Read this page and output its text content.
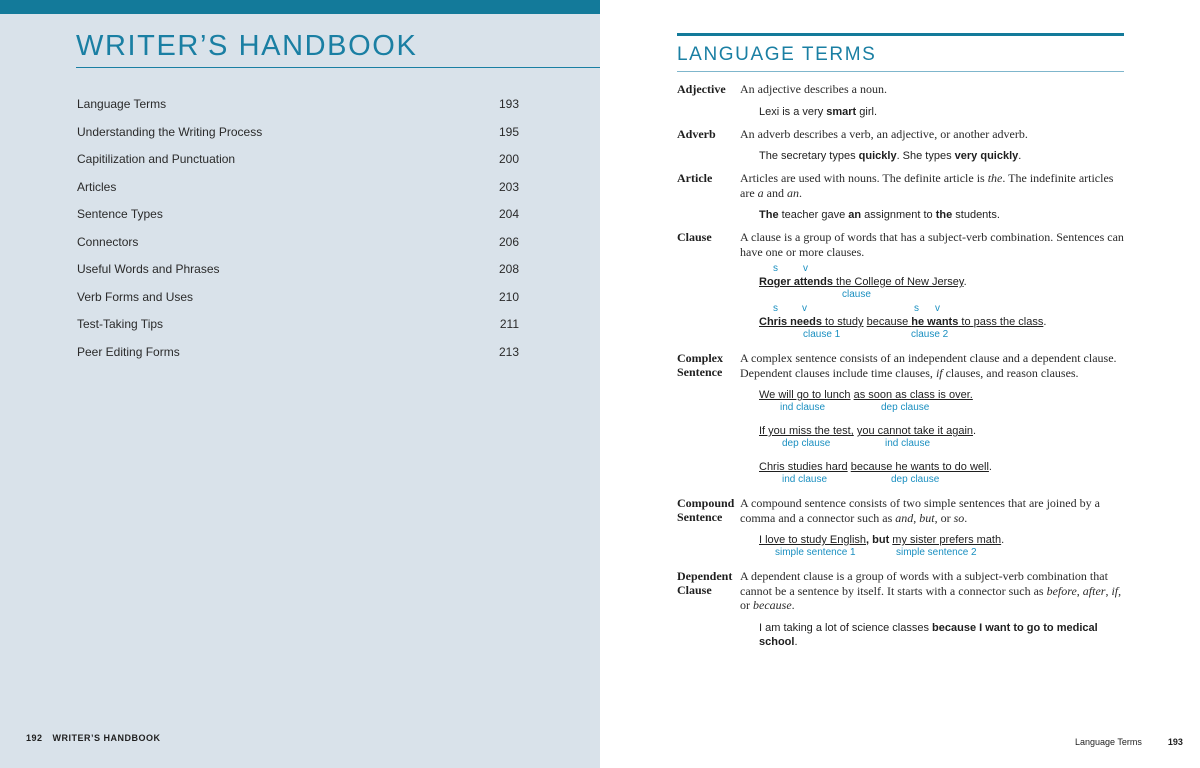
WRITER’S HANDBOOK
Language Terms	193
Understanding the Writing Process	195
Capitilization and Punctuation	200
Articles	203
Sentence Types	204
Connectors	206
Useful Words and Phrases	208
Verb Forms and Uses	210
Test-Taking Tips	211
Peer Editing Forms	213
192 WRITER’S HANDBOOK
LANGUAGE TERMS
Adjective	An adjective describes a noun.
Lexi is a very smart girl.
Adverb	An adverb describes a verb, an adjective, or another adverb.
The secretary types quickly. She types very quickly.
Article	Articles are used with nouns. The definite article is the. The indefinite articles are a and an.
The teacher gave an assignment to the students.
Clause	A clause is a group of words that has a subject-verb combination. Sentences can have one or more clauses.
s	v
Roger attends the College of New Jersey.
clause
s v	s v
Chris needs to study because he wants to pass the class.
clause 1	clause 2
Complex
Sentence
A complex sentence consists of an independent clause and a dependent clause. Dependent clauses include time clauses, if clauses, and reason clauses.
We will go to lunch as soon as class is over.
ind clause	dep clause
If you miss the test, you cannot take it again.
dep clause	ind clause
Chris studies hard because he wants to do well.
ind clause	dep clause
Compound
Sentence
A compound sentence consists of two simple sentences that are joined by a comma and a connector such as and, but, or so.
I love to study English, but my sister prefers math.
simple sentence 1	simple sentence 2
Dependent
Clause
A dependent clause is a group of words with a subject-verb combination that cannot be a sentence by itself. It starts with a connector such as before, after, if, or because.
I am taking a lot of science classes because I want to go to medical school.
Language Terms	193
